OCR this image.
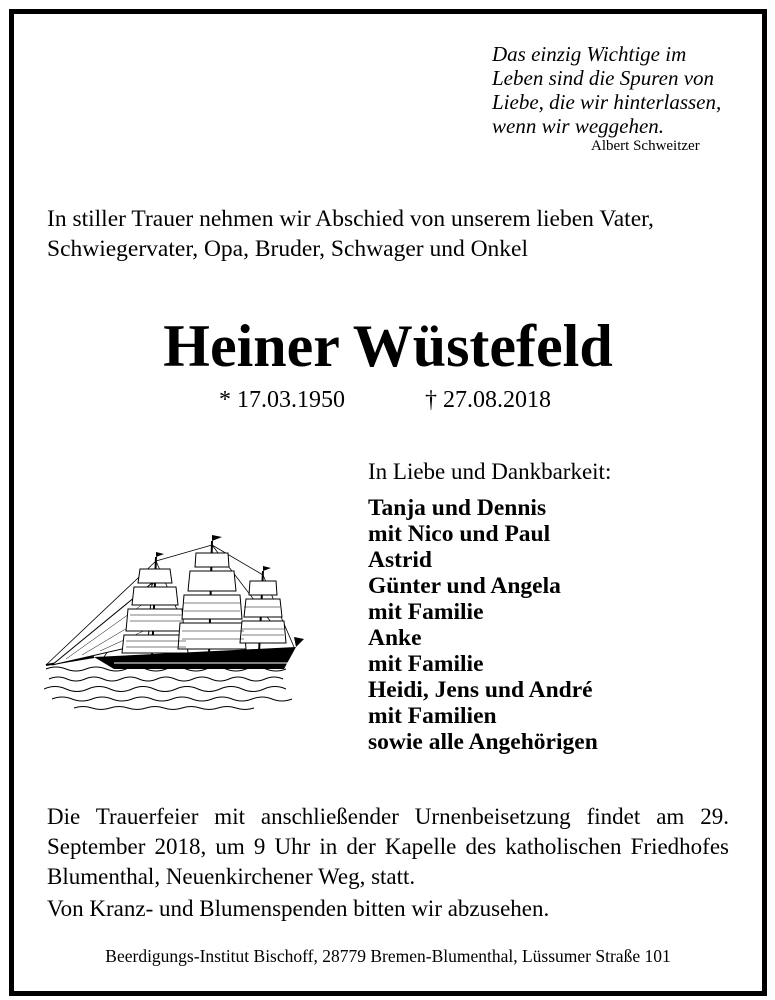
Das einzig Wichtige im
Leben sind die Spuren von
Liebe, die wir hinterlassen,
wenn wir weggehen.
Albert Schweitzer
In stiller Trauer nehmen wir Abschied von unserem lieben Vater,
Schwiegervater, Opa, Bruder, Schwager und Onkel
Heiner Wüstefeld
* 17.03.1950	† 27.08.2018
In Liebe und Dankbarkeit:
Tanja und Dennis
mit Nico und Paul
Astrid
Günter und Angela
mit Familie
Anke
mit Familie
Heidi, Jens und André
mit Familien
sowie alle Angehörigen
Die Trauerfeier mit anschließender Urnenbeisetzung findet am 29. September 2018, um 9 Uhr in der Kapelle des katholischen Friedhofes Blumenthal, Neuenkirchener Weg, statt.
Von Kranz- und Blumenspenden bitten wir abzusehen.
Beerdigungs-Institut Bischoff, 28779 Bremen-Blumenthal, Lüssumer Straße 101
